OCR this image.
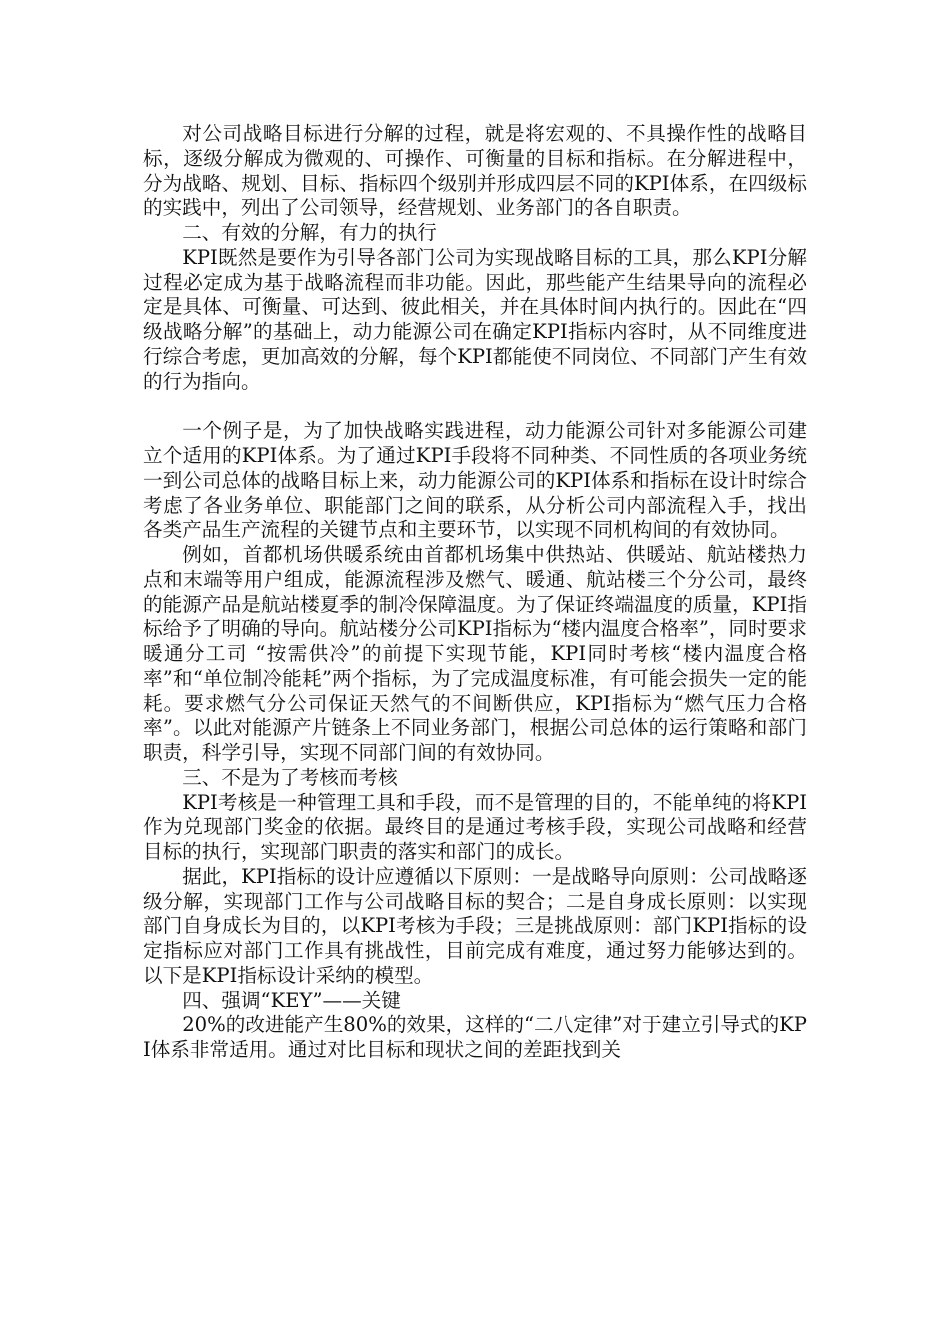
对公司战略目标进行分解的过程，就是将宏观的、不具操作性的战略目标，逐级分解成为微观的、可操作、可衡量的目标和指标。在分解进程中，分为战略、规划、目标、指标四个级别并形成四层不同的KPI体系，在四级标的实践中，列出了公司领导，经营规划、业务部门的各自职责。

二、有效的分解，有力的执行

KPI既然是要作为引导各部门公司为实现战略目标的工具，那么KPI分解过程必定成为基于战略流程而非功能。因此，那些能产生结果导向的流程必定是具体、可衡量、可达到、彼此相关，并在具体时间内执行的。因此在“四级战略分解”的基础上，动力能源公司在确定KPI指标内容时，从不同维度进行综合考虑，更加高效的分解，每个KPI都能使不同岗位、不同部门产生有效的行为指向。

一个例子是，为了加快战略实践进程，动力能源公司针对多能源公司建立个适用的KPI体系。为了通过KPI手段将不同种类、不同性质的各项业务统一到公司总体的战略目标上来，动力能源公司的KPI体系和指标在设计时综合考虑了各业务单位、职能部门之间的联系，从分析公司内部流程入手，找出各类产品生产流程的关键节点和主要环节，以实现不同机构间的有效协同。

例如，首都机场供暖系统由首都机场集中供热站、供暖站、航站楼热力点和末端等用户组成，能源流程涉及燃气、暖通、航站楼三个分公司，最终的能源产品是航站楼夏季的制冷保障温度。为了保证终端温度的质量，KPI指标给予了明确的导向。航站楼分公司KPI指标为“楼内温度合格率”，同时要求暖通分工司 “按需供冷”的前提下实现节能，KPI同时考核“楼内温度合格率”和“单位制冷能耗”两个指标，为了完成温度标准，有可能会损失一定的能耗。要求燃气分公司保证天然气的不间断供应，KPI指标为“燃气压力合格率”。以此对能源产片链条上不同业务部门，根据公司总体的运行策略和部门职责，科学引导，实现不同部门间的有效协同。

三、不是为了考核而考核

KPI考核是一种管理工具和手段，而不是管理的目的，不能单纯的将KPI作为兑现部门奖金的依据。最终目的是通过考核手段，实现公司战略和经营目标的执行，实现部门职责的落实和部门的成长。

据此，KPI指标的设计应遵循以下原则：一是战略导向原则：公司战略逐级分解，实现部门工作与公司战略目标的契合；二是自身成长原则：以实现部门自身成长为目的，以KPI考核为手段；三是挑战原则：部门KPI指标的设定指标应对部门工作具有挑战性，目前完成有难度，通过努力能够达到的。以下是KPI指标设计采纳的模型。

四、强调“KEY”——关键

20%的改进能产生80%的效果，这样的“二八定律”对于建立引导式的KPI体系非常适用。通过对比目标和现状之间的差距找到关
